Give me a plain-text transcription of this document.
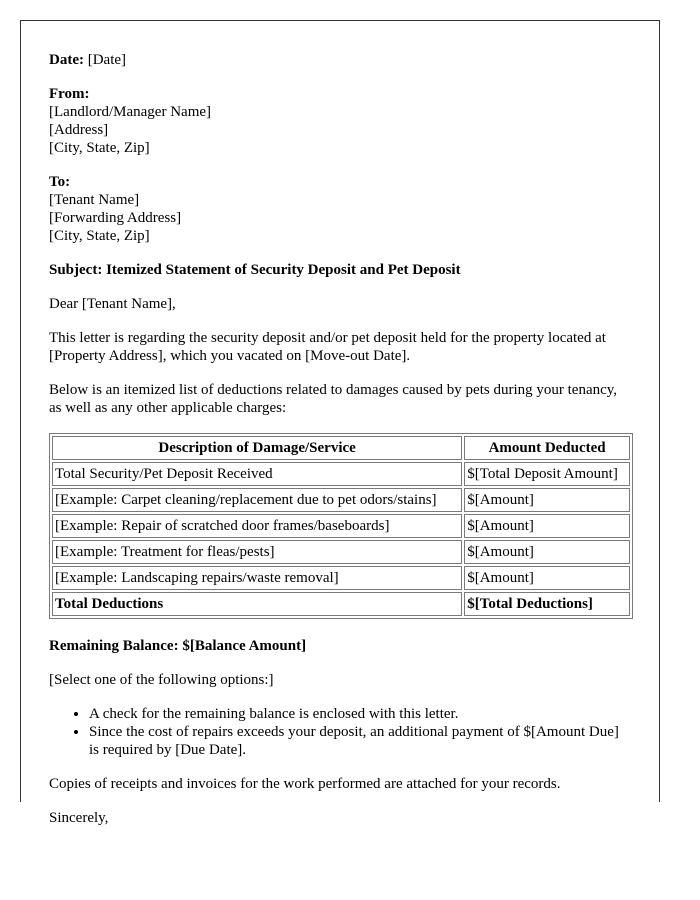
Date: [Date]

From:
[Landlord/Manager Name]
[Address]
[City, State, Zip]

To:
[Tenant Name]
[Forwarding Address]
[City, State, Zip]

Subject: Itemized Statement of Security Deposit and Pet Deposit

Dear [Tenant Name],

This letter is regarding the security deposit and/or pet deposit held for the property located at [Property Address], which you vacated on [Move-out Date].

Below is an itemized list of deductions related to damages caused by pets during your tenancy, as well as any other applicable charges:

Description of Damage/Service	Amount Deducted
Total Security/Pet Deposit Received	$[Total Deposit Amount]
[Example: Carpet cleaning/replacement due to pet odors/stains]	$[Amount]
[Example: Repair of scratched door frames/baseboards]	$[Amount]
[Example: Treatment for fleas/pests]	$[Amount]
[Example: Landscaping repairs/waste removal]	$[Amount]
Total Deductions	$[Total Deductions]

Remaining Balance: $[Balance Amount]

[Select one of the following options:]

• A check for the remaining balance is enclosed with this letter.
• Since the cost of repairs exceeds your deposit, an additional payment of $[Amount Due] is required by [Due Date].

Copies of receipts and invoices for the work performed are attached for your records.

Sincerely,
